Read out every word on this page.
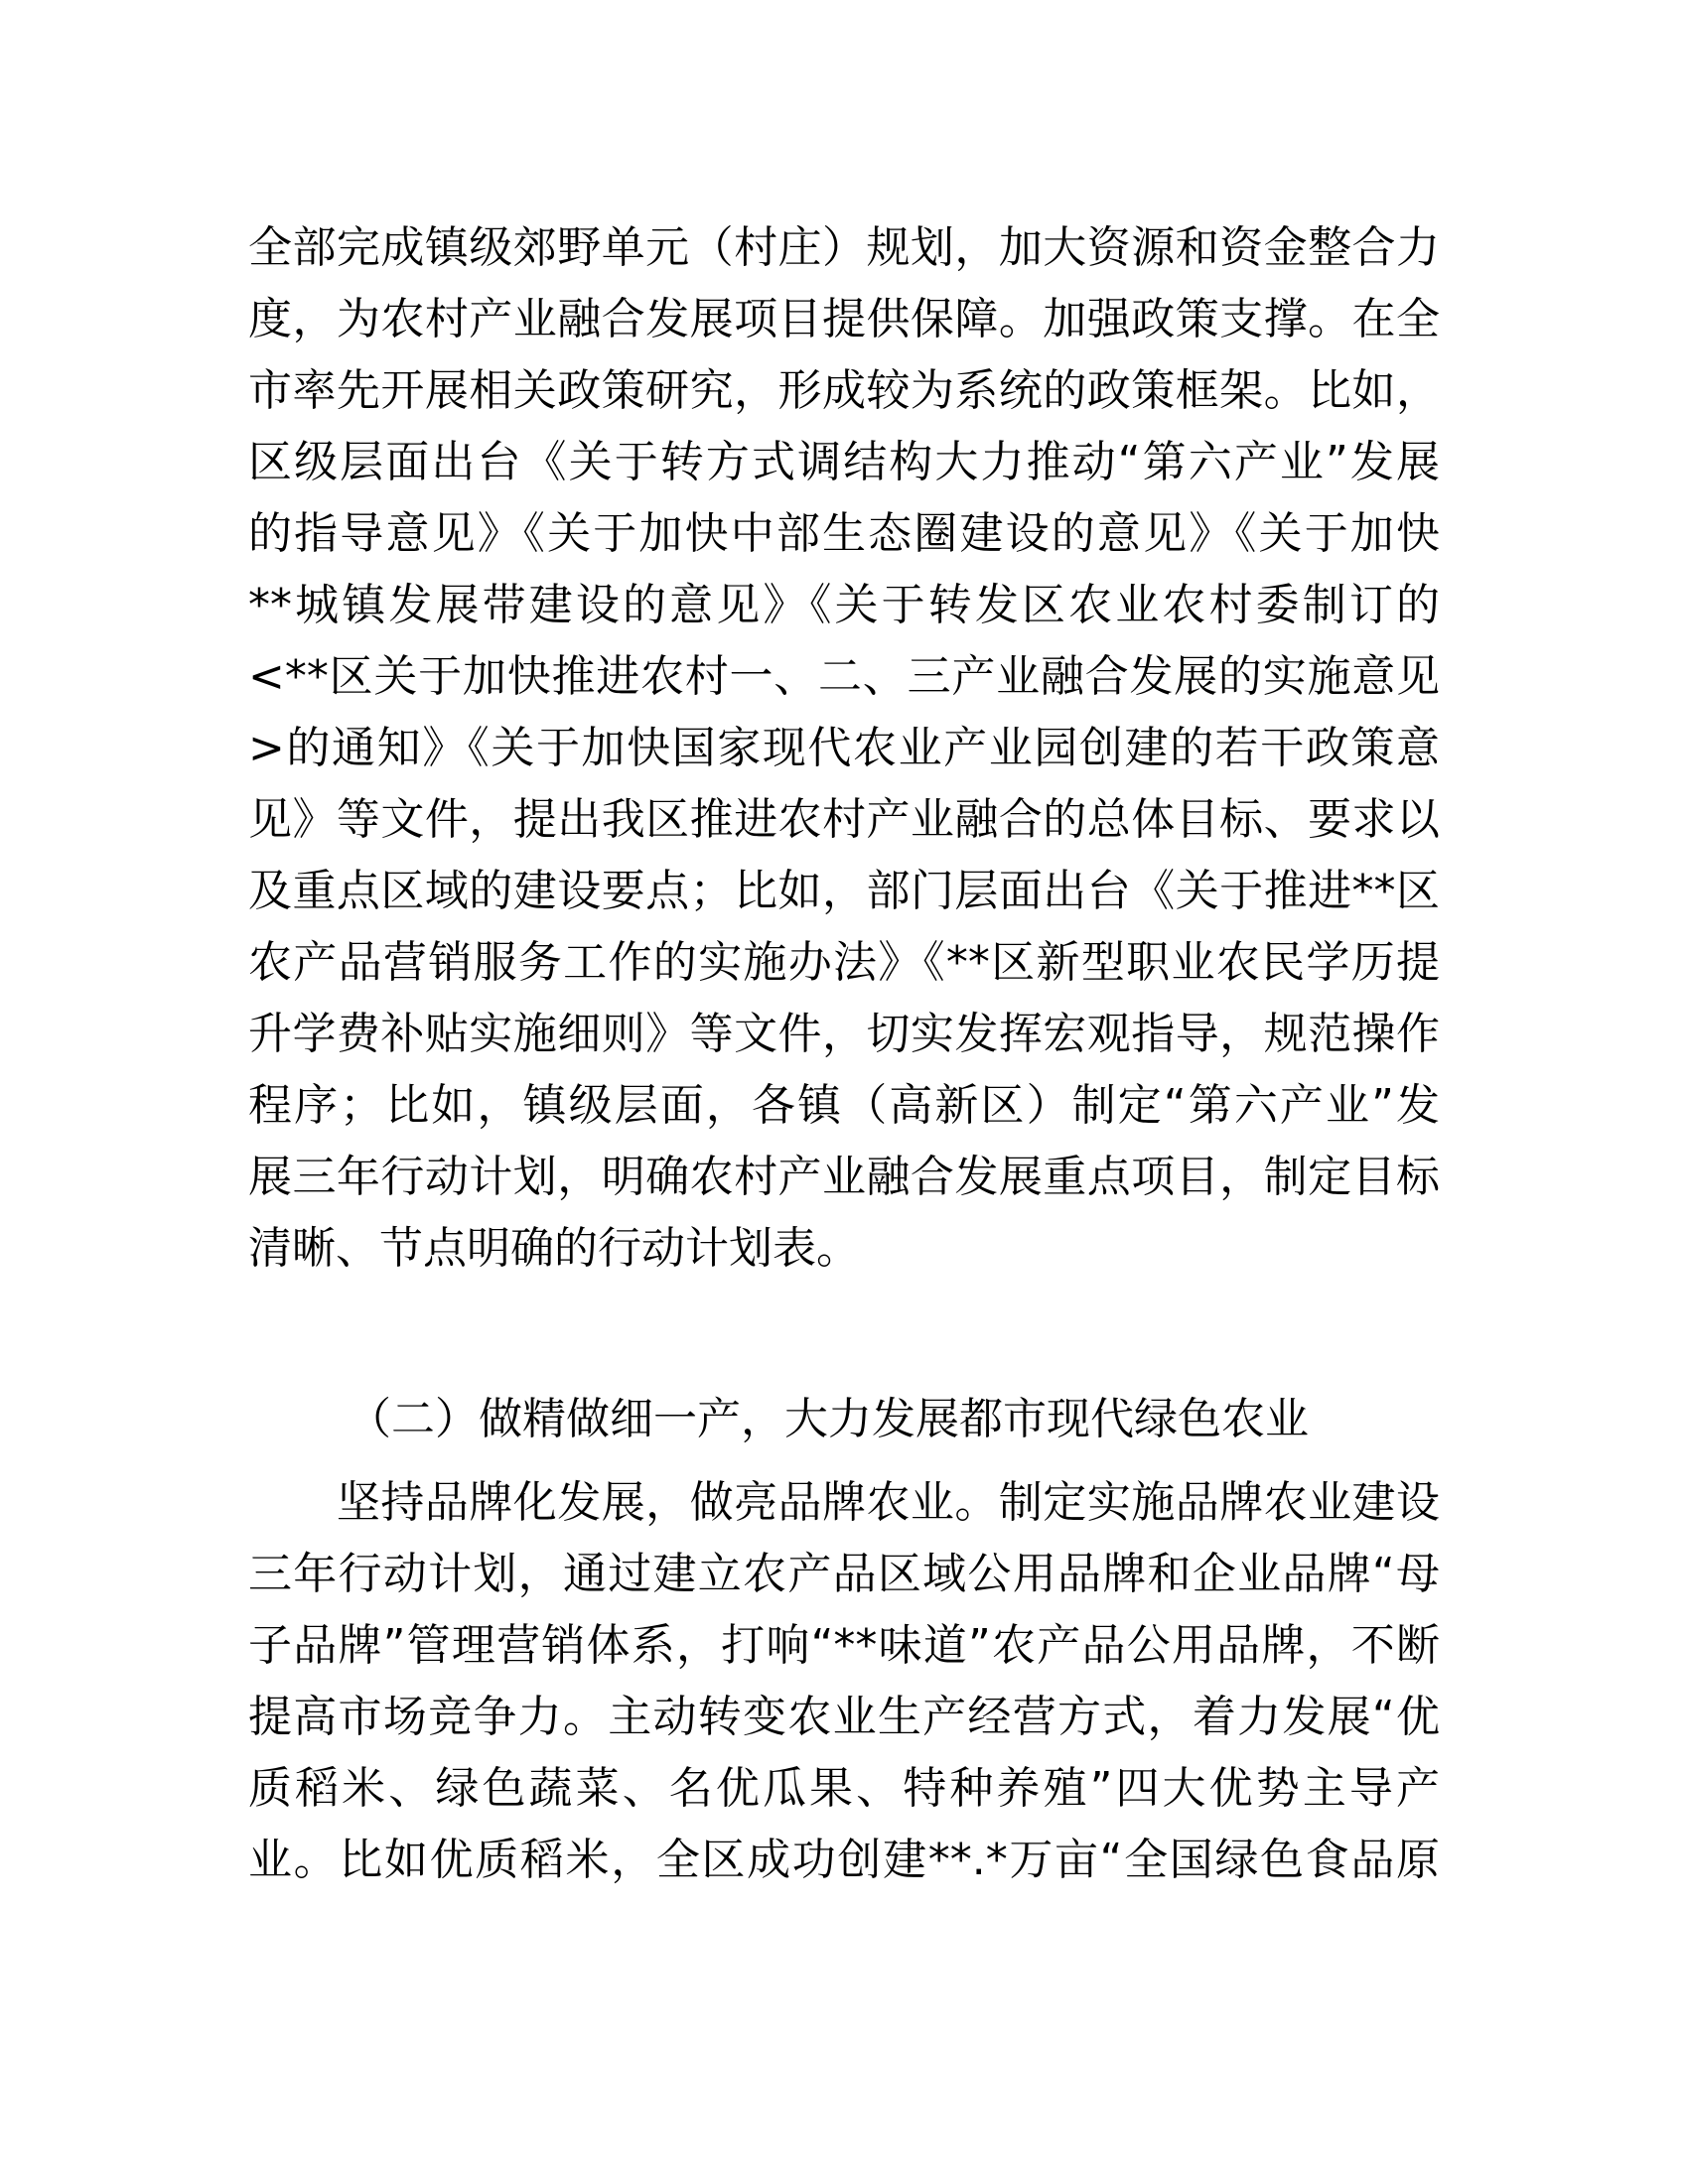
全部完成镇级郊野单元（村庄）规划，加大资源和资金整合力
度，为农村产业融合发展项目提供保障。加强政策支撑。在全
市率先开展相关政策研究，形成较为系统的政策框架。比如，
区级层面出台《关于转方式调结构大力推动“第六产业”发展
的指导意见》《关于加快中部生态圈建设的意见》《关于加快
**城镇发展带建设的意见》《关于转发区农业农村委制订的
<**区关于加快推进农村一、二、三产业融合发展的实施意见
>的通知》《关于加快国家现代农业产业园创建的若干政策意
见》等文件，提出我区推进农村产业融合的总体目标、要求以
及重点区域的建设要点；比如，部门层面出台《关于推进**区
农产品营销服务工作的实施办法》《**区新型职业农民学历提
升学费补贴实施细则》等文件，切实发挥宏观指导，规范操作
程序；比如，镇级层面，各镇（高新区）制定“第六产业”发
展三年行动计划，明确农村产业融合发展重点项目，制定目标
清晰、节点明确的行动计划表。
（二）做精做细一产，大力发展都市现代绿色农业
　　坚持品牌化发展，做亮品牌农业。制定实施品牌农业建设
三年行动计划，通过建立农产品区域公用品牌和企业品牌“母
子品牌”管理营销体系，打响“**味道”农产品公用品牌，不断
提高市场竞争力。主动转变农业生产经营方式，着力发展“优
质稻米、绿色蔬菜、名优瓜果、特种养殖”四大优势主导产
业。比如优质稻米，全区成功创建**.*万亩“全国绿色食品原
